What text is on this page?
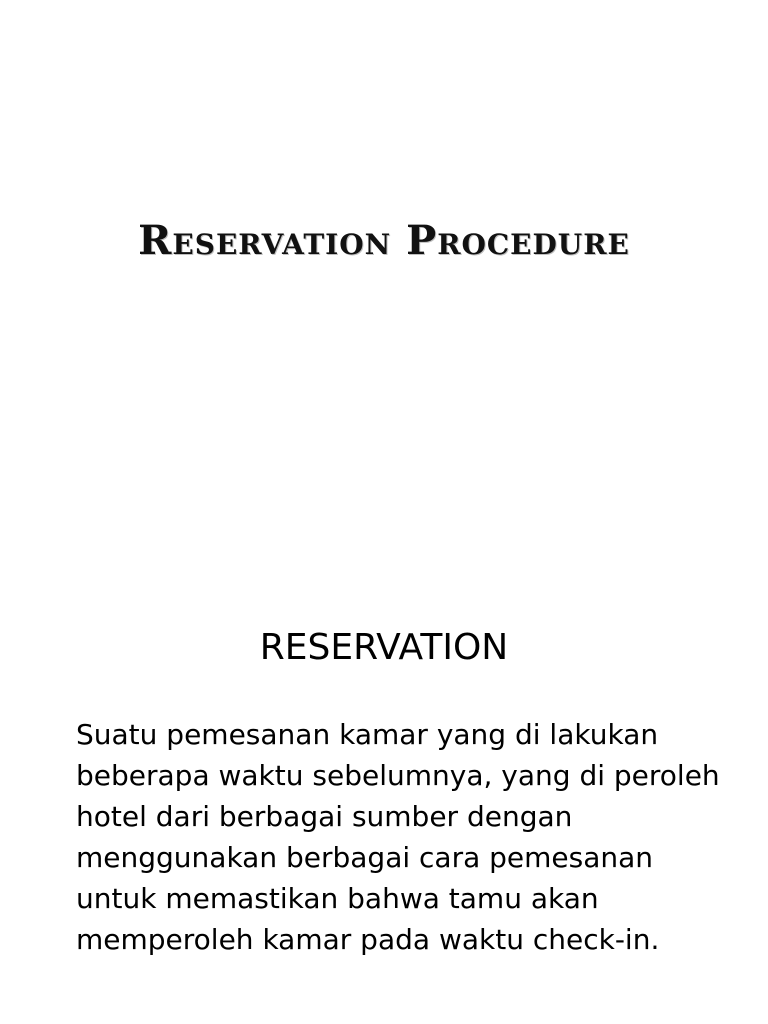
Reservation Procedure
RESERVATION

Suatu pemesanan kamar yang di lakukan
beberapa waktu sebelumnya, yang di peroleh
hotel dari berbagai sumber dengan
menggunakan berbagai cara pemesanan
untuk memastikan bahwa tamu akan
memperoleh kamar pada waktu check-in.
